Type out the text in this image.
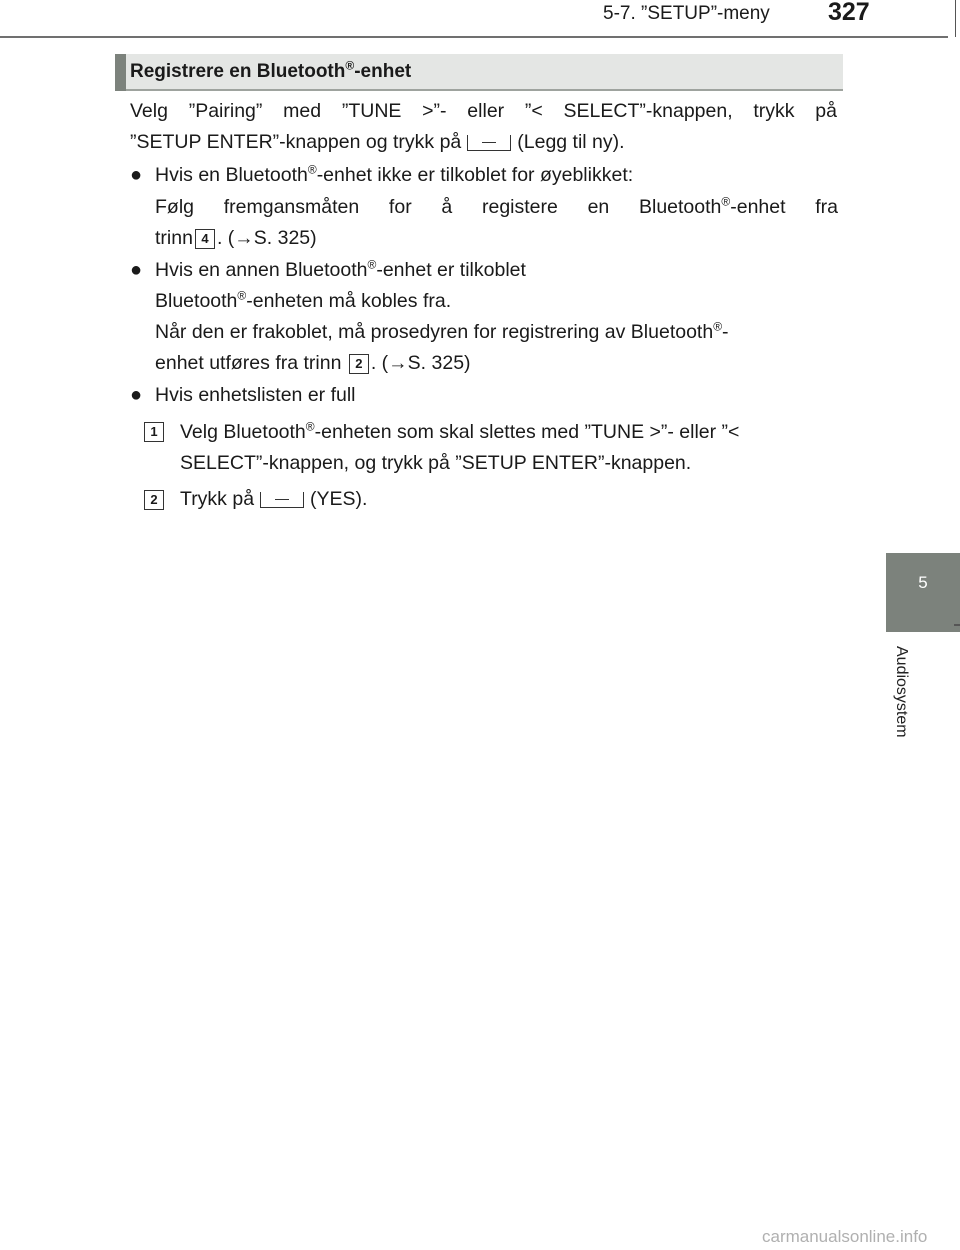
5-7. ”SETUP”-meny 327
5
Audiosystem
Registrere en Bluetooth®-enhet
Velg ”Pairing” med ”TUNE >”- eller ”< SELECT”-knappen, trykk på
”SETUP ENTER”-knappen og trykk på	(Legg til ny).
● Hvis en Bluetooth®-enhet ikke er tilkoblet for øyeblikket:
Følg fremgansmåten for å registere en Bluetooth®-enhet fra
trinn 4 . (→S. 325)
● Hvis en annen Bluetooth®-enhet er tilkoblet
Bluetooth®-enheten må kobles fra.
Når den er frakoblet, må prosedyren for registrering av Bluetooth®-
enhet utføres fra trinn 2 . (→S. 325)
● Hvis enhetslisten er full
1	Velg Bluetooth®-enheten som skal slettes med ”TUNE >”- eller ”<
SELECT”-knappen, og trykk på ”SETUP ENTER”-knappen.
2	Trykk på	(YES).
carmanualsonline.info
